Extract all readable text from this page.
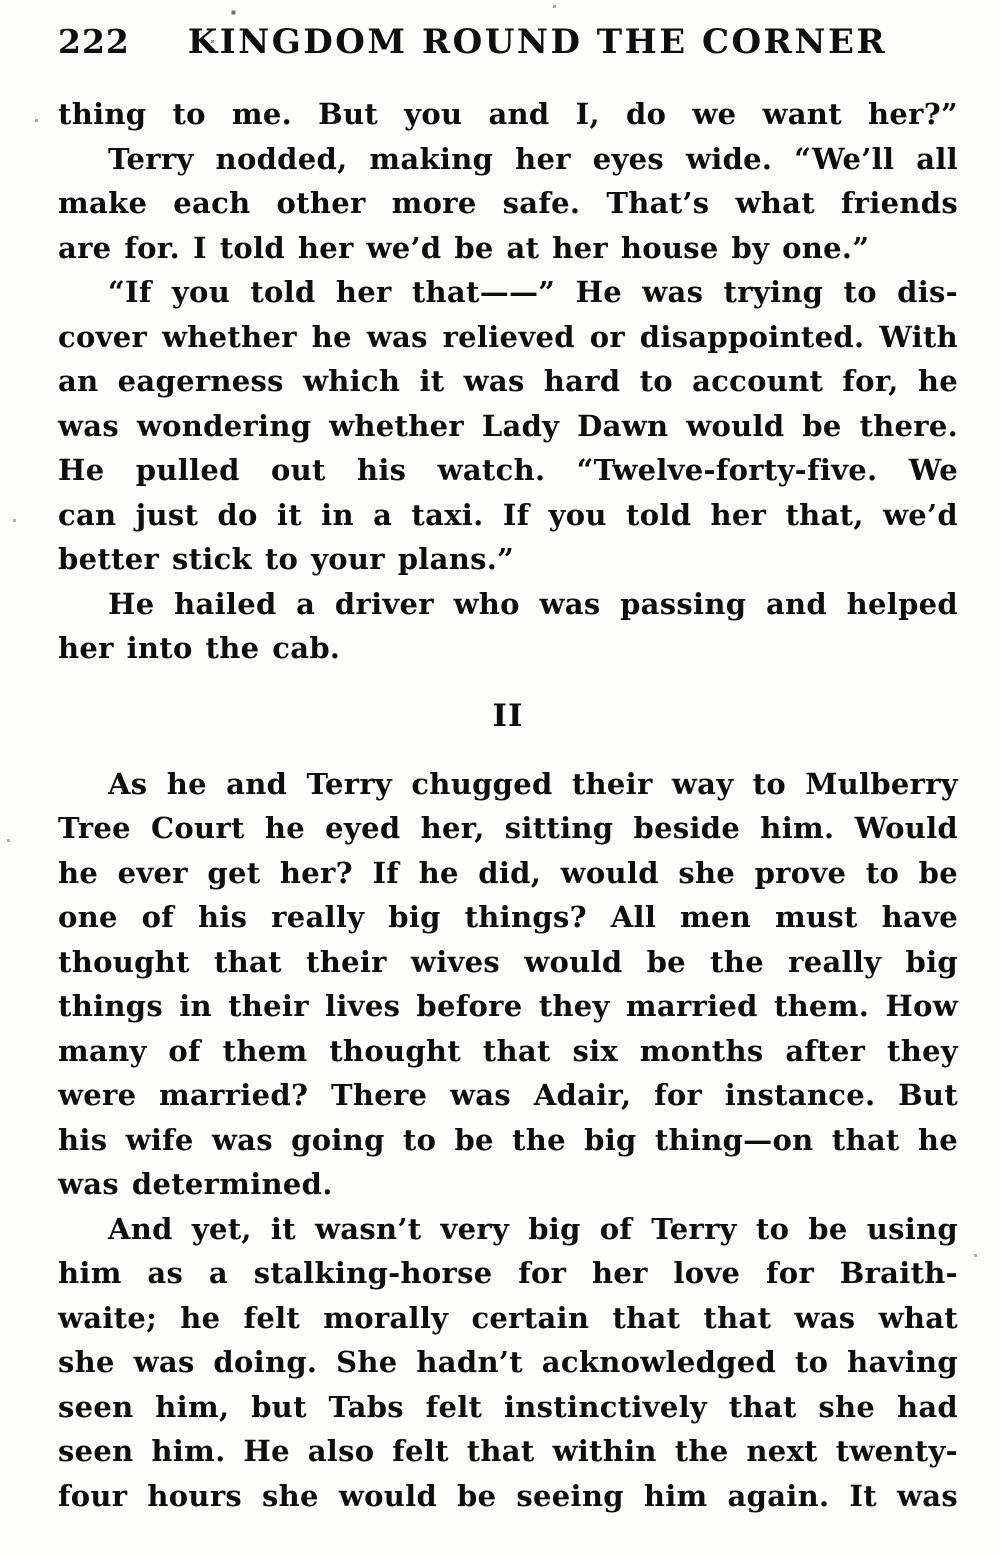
222	KINGDOM ROUND THE CORNER
thing to me. But you and I, do we want her?”
Terry nodded, making her eyes wide. “We’ll all
make each other more safe. That’s what friends
are for. I told her we’d be at her house by one.”
“If you told her that——” He was trying to dis-
cover whether he was relieved or disappointed. With
an eagerness which it was hard to account for, he
was wondering whether Lady Dawn would be there.
He pulled out his watch. “Twelve-forty-five. We
can just do it in a taxi. If you told her that, we’d
better stick to your plans.”
He hailed a driver who was passing and helped
her into the cab.
II
As he and Terry chugged their way to Mulberry
Tree Court he eyed her, sitting beside him. Would
he ever get her? If he did, would she prove to be
one of his really big things? All men must have
thought that their wives would be the really big
things in their lives before they married them. How
many of them thought that six months after they
were married? There was Adair, for instance. But
his wife was going to be the big thing—on that he
was determined.
And yet, it wasn’t very big of Terry to be using
him as a stalking-horse for her love for Braith-
waite; he felt morally certain that that was what
she was doing. She hadn’t acknowledged to having
seen him, but Tabs felt instinctively that she had
seen him. He also felt that within the next twenty-
four hours she would be seeing him again. It was
